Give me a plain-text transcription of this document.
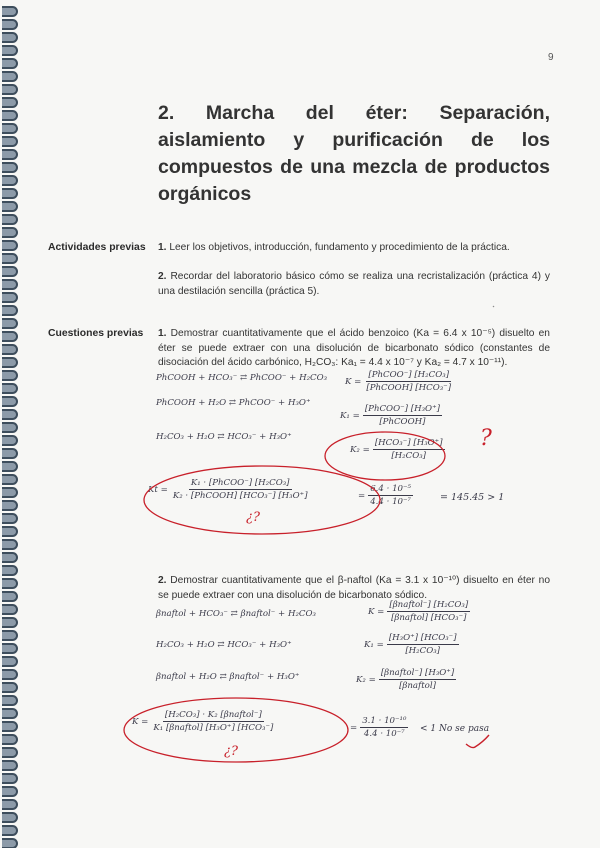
9
2. Marcha del éter: Separación, aislamiento y purificación de los compuestos de una mezcla de productos orgánicos
Actividades previas 1. Leer los objetivos, introducción, fundamento y procedimiento de la práctica.

2. Recordar del laboratorio básico cómo se realiza una recristalización (práctica 4) y una destilación sencilla (práctica 5).

Cuestiones previas 1. Demostrar cuantitativamente que el ácido benzoico (Ka = 6.4 x 10⁻⁵) disuelto en éter se puede extraer con una disolución de bicarbonato sódico (constantes de disociación del ácido carbónico, H₂CO₃: Ka₁ = 4.4 x 10⁻⁷ y Ka₂ = 4.7 x 10⁻¹¹).

PhCOOH + HCO₃⁻ ⇄ PhCOO⁻ + H₂CO₃
PhCOOH + H₂O ⇄ PhCOO⁻ + H₃O⁺
H₂CO₃ + H₂O ⇄ HCO₃⁻ + H₃O⁺
$K = \frac{\text{[PhCOO⁻] [H₂CO₃]}}{\text{[PhCOOH] [HCO₃⁻]}}$
$K_1 = \frac{\text{[PhCOO⁻] [H₃O⁺]}}{\text{[PhCOOH]}}$
$K_2 = \frac{\text{[HCO₃⁻] [H₃O⁺]}}{\text{[H₂CO₃]}}$
$Kt = \frac{\text{K₁ · [PhCOO⁻] [H₂CO₃]}}{\text{K₂ · [PhCOOH] [HCO₃⁻] [H₃O⁺]}}$	= $\frac{\text{6.4 · 10⁻⁵}}{\text{4.4 · 10⁻⁷}}$	= 145.45 > 1

2. Demostrar cuantitativamente que el β-naftol (Ka = 3.1 x 10⁻¹⁰) disuelto en éter no se puede extraer con una disolución de bicarbonato sódico.

βnaftol + HCO₃⁻ ⇄ βnaftol⁻ + H₂CO₃
H₂CO₃ + H₂O ⇄ HCO₃⁻ + H₃O⁺
βnaftol + H₂O ⇄ βnaftol⁻ + H₃O⁺
$K = \frac{\text{[βnaftol⁻] [H₂CO₃]}}{\text{[βnaftol] [HCO₃⁻]}}$
$K_1 = \frac{\text{[H₃O⁺] [HCO₃⁻]}}{\text{[H₂CO₃]}}$
$K_2 = \frac{\text{[βnaftol⁻] [H₃O⁺]}}{\text{[βnaftol]}}$
$K = \frac{\text{[H₂CO₃] · K₂ [βnaftol⁻]}}{\text{K₁ [βnaftol] [H₃O⁺] [HCO₃⁻]}}$	= $\frac{\text{3.1 · 10⁻¹⁰}}{\text{4.4 · 10⁻⁷}} < 1$ No se pasa
?
¿?
¿?
